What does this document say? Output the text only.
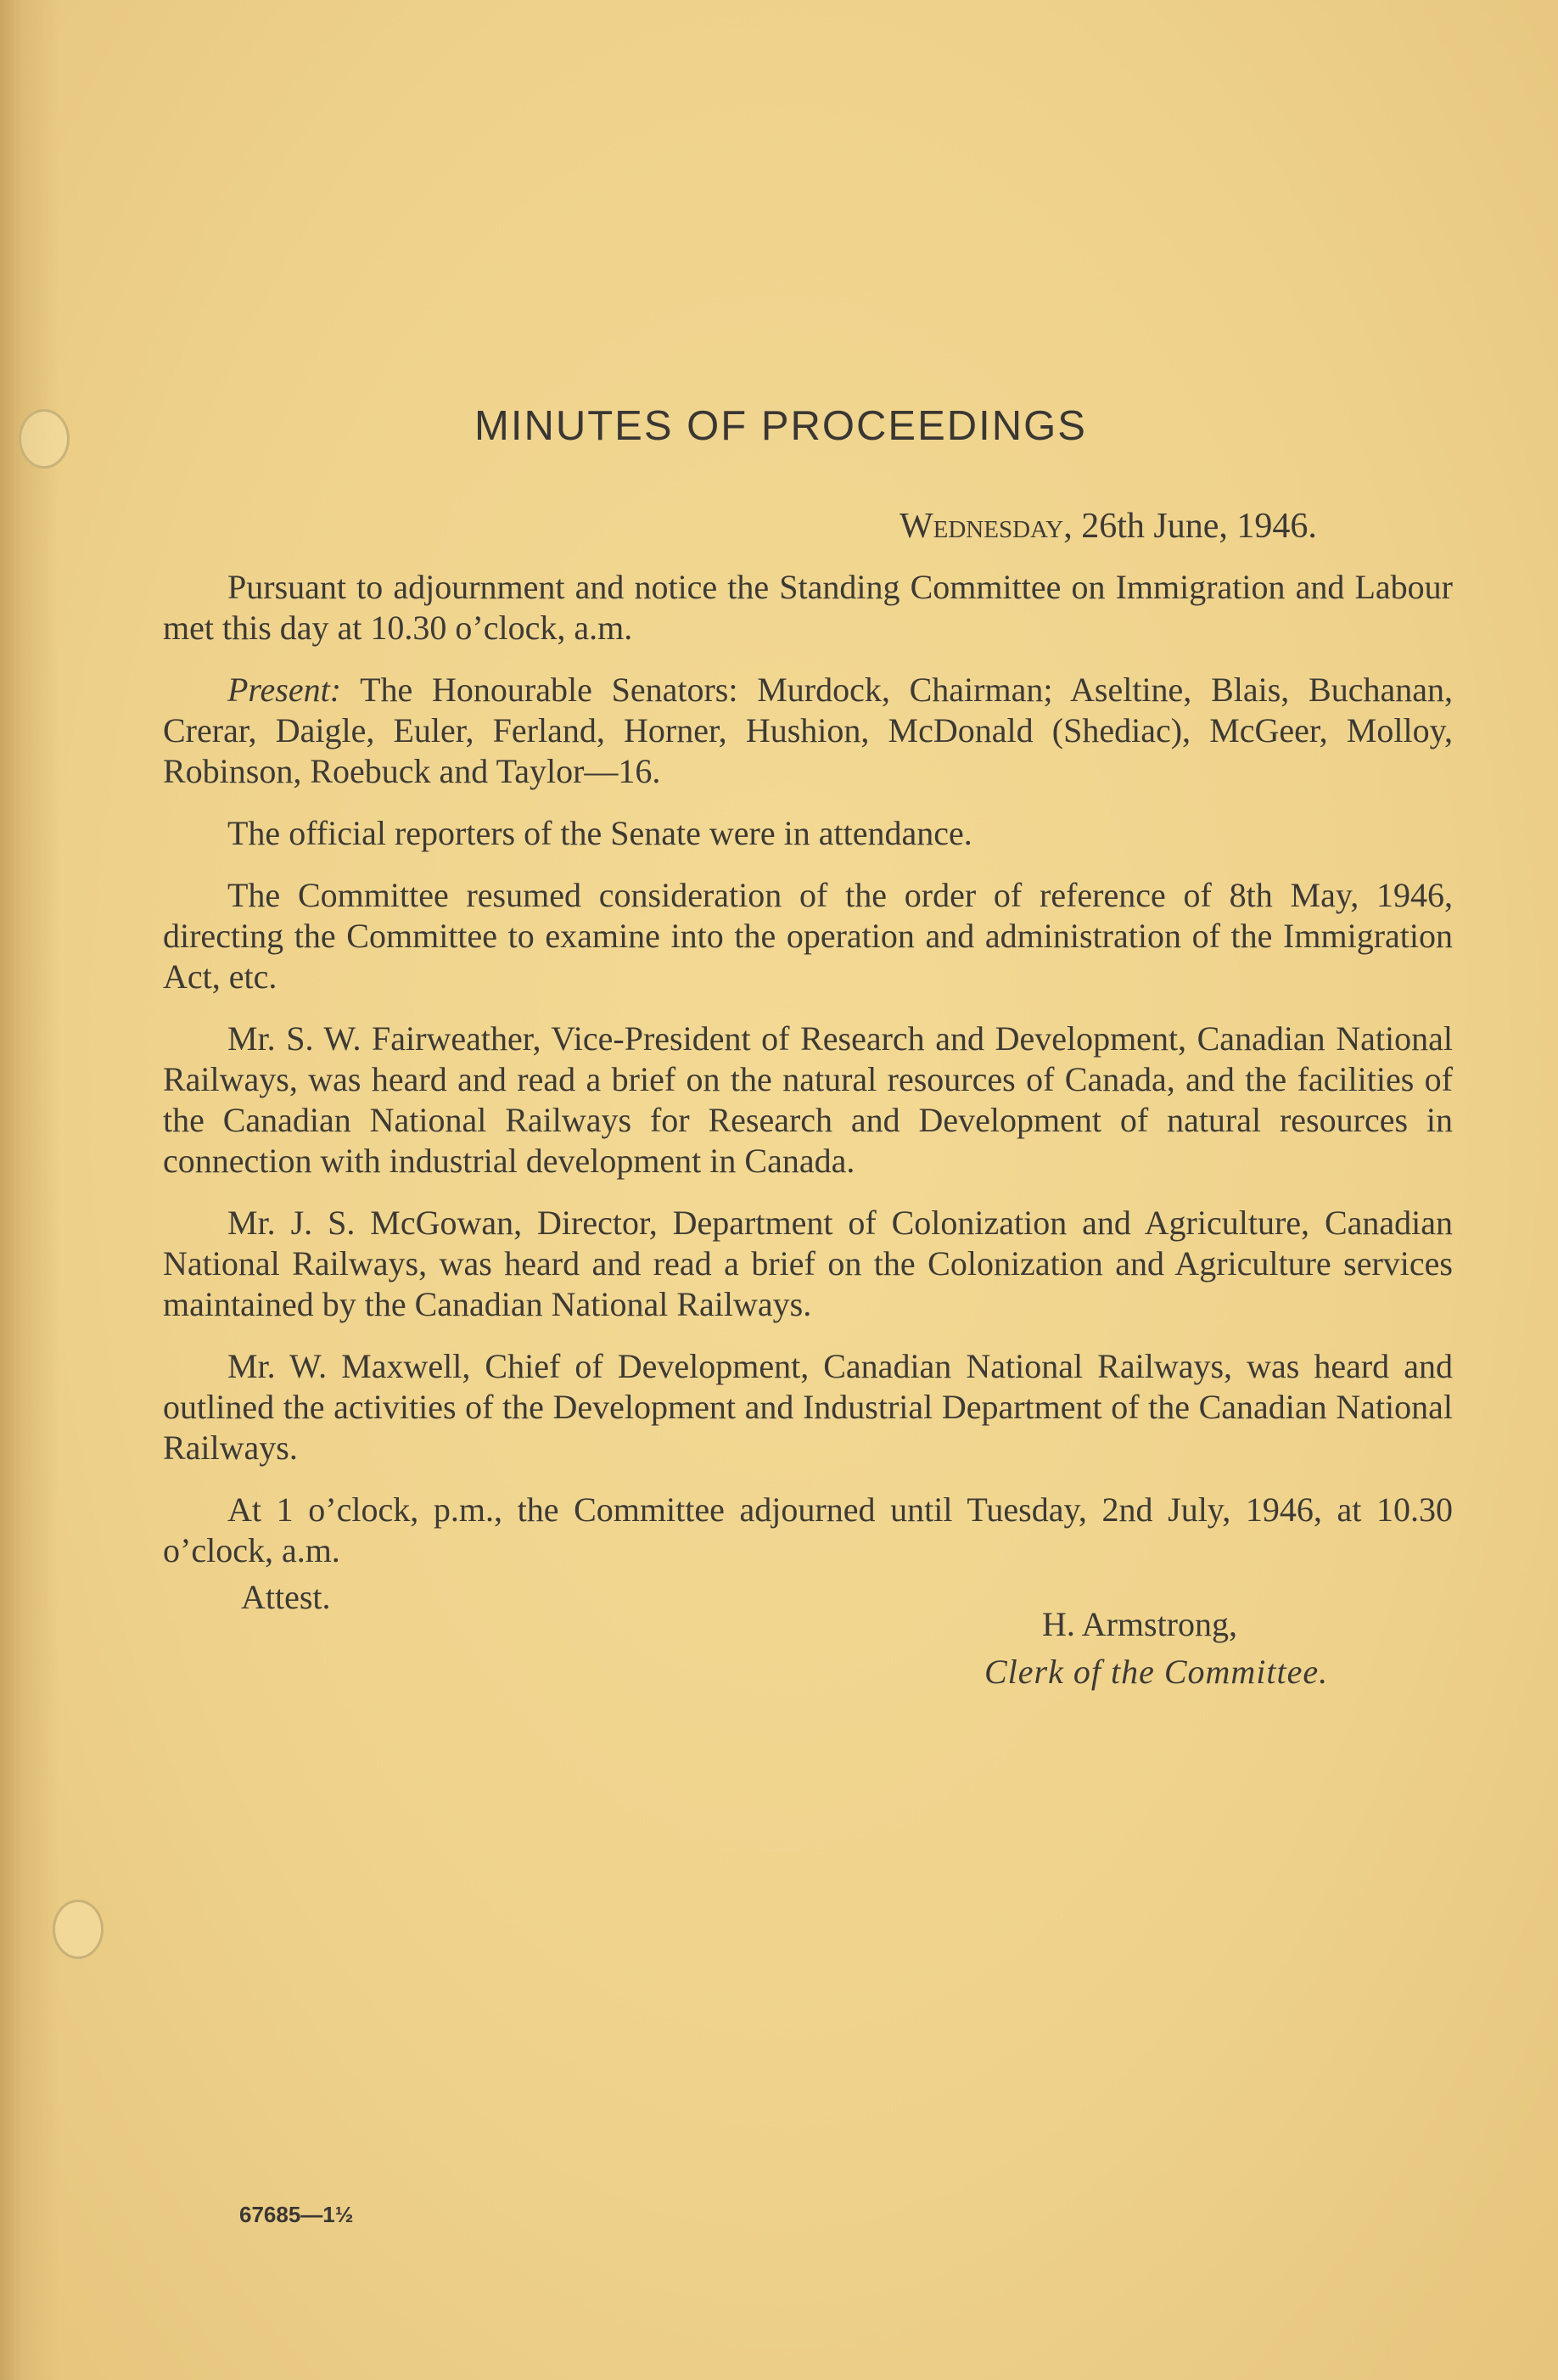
MINUTES OF PROCEEDINGS
Wednesday, 26th June, 1946.

Pursuant to adjournment and notice the Standing Committee on Immigration and Labour met this day at 10.30 o’clock, a.m.

Present: The Honourable Senators: Murdock, Chairman; Aseltine, Blais, Buchanan, Crerar, Daigle, Euler, Ferland, Horner, Hushion, McDonald (Shediac), McGeer, Molloy, Robinson, Roebuck and Taylor—16.

The official reporters of the Senate were in attendance.

The Committee resumed consideration of the order of reference of 8th May, 1946, directing the Committee to examine into the operation and administration of the Immigration Act, etc.

Mr. S. W. Fairweather, Vice-President of Research and Development, Canadian National Railways, was heard and read a brief on the natural resources of Canada, and the facilities of the Canadian National Railways for Research and Development of natural resources in connection with industrial development in Canada.

Mr. J. S. McGowan, Director, Department of Colonization and Agriculture, Canadian National Railways, was heard and read a brief on the Colonization and Agriculture services maintained by the Canadian National Railways.

Mr. W. Maxwell, Chief of Development, Canadian National Railways, was heard and outlined the activities of the Development and Industrial Department of the Canadian National Railways.

At 1 o’clock, p.m., the Committee adjourned until Tuesday, 2nd July, 1946, at 10.30 o’clock, a.m.

Attest.
H. Armstrong,
Clerk of the Committee.
67685—1½
